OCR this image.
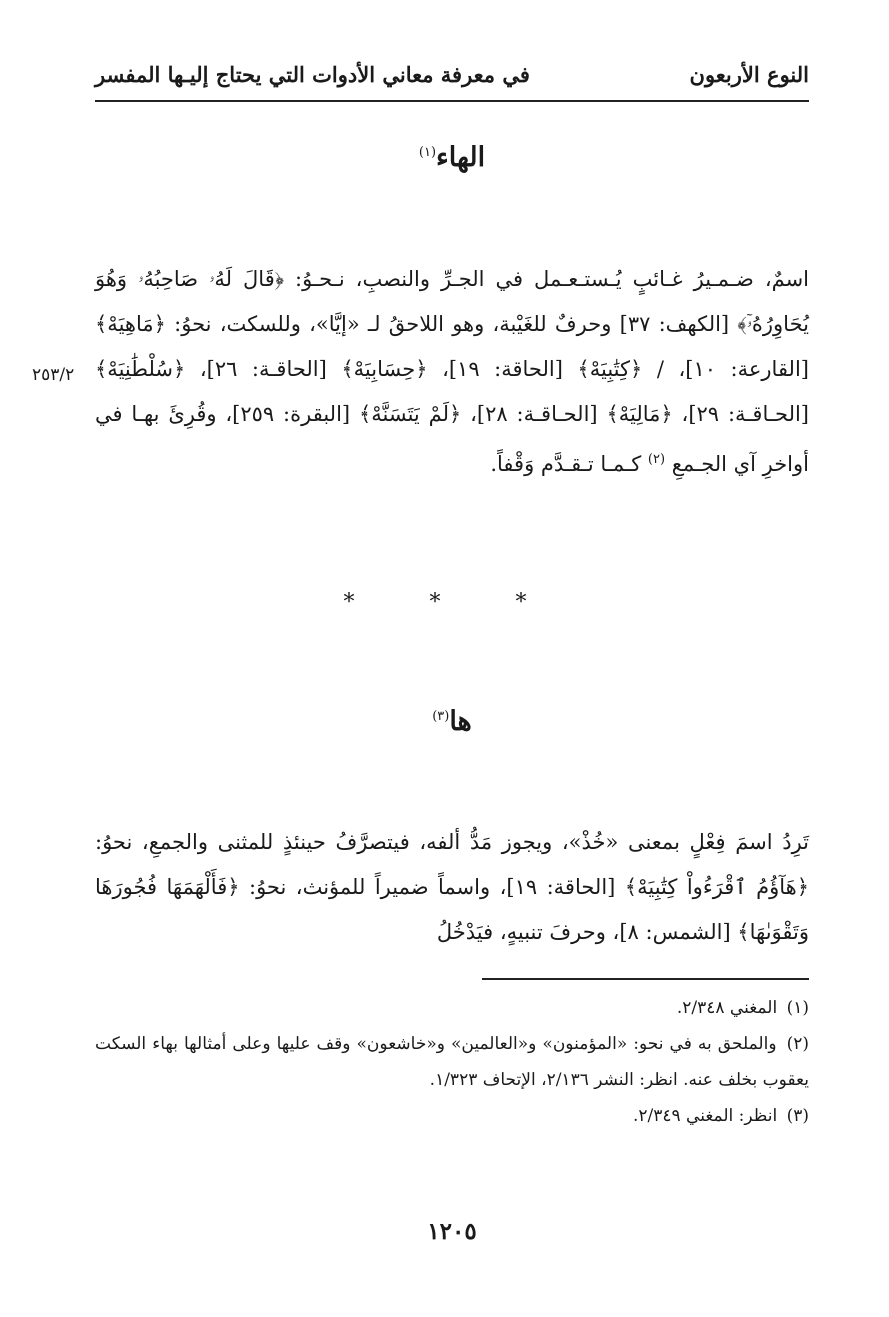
النوع الأربعون
في معرفة معاني الأدوات التي يحتاج إليـها المفسر
الهاء$^{(١)}$
اسمٌ، ضـمـيرُ غـائبٍ يُـستـعـمل في الجـرِّ والنصبِ، نـحـوُ: ﴿قَالَ لَهُۥ صَاحِبُهُۥ وَهُوَ يُحَاوِرُهُۥٓ﴾ [الكهف: ٣٧] وحرفٌ للغَيْبة، وهو اللاحقُ لـ «إيَّا»، وللسكت، نحوُ: ﴿مَاهِيَهْ﴾ [القارعة: ١٠]، / ﴿كِتَٰبِيَهْ﴾ [الحاقة: ١٩]، ﴿حِسَابِيَهْ﴾ [الحاقـة: ٢٦]، ﴿سُلْطَٰنِيَهْ﴾ [الحـاقـة: ٢٩]، ﴿مَالِيَهْ﴾ [الحـاقـة: ٢٨]، ﴿لَمْ يَتَسَنَّهْ﴾ [البقرة: ٢٥٩]، وقُرِئَ بهـا في أواخرِ آي الجـمعِ $^{(٢)}$ كـمـا تـقـدَّم وَقْفاً.
٢٥٣/٢
* * *
ها$^{(٣)}$
تَرِدُ اسمَ فِعْلٍ بمعنى «خُذْ»، ويجوز مَدُّ ألفه، فيتصرَّفُ حينئذٍ للمثنى والجمعِ، نحوُ: ﴿هَآؤُمُ ٱقْرَءُواْ كِتَٰبِيَهْ﴾ [الحاقة: ١٩]، واسماً ضميراً للمؤنث، نحوُ: ﴿فَأَلْهَمَهَا فُجُورَهَا وَتَقْوَىٰهَا﴾ [الشمس: ٨]، وحرفَ تنبيهٍ، فيَدْخُلُ

(١) المغني ٢/٣٤٨.

(٢) والملحق به في نحو: «المؤمنون» و«العالمين» و«خاشعون» وقف عليها وعلى أمثالها بهاء السكت يعقوب بخلف عنه. انظر: النشر ٢/١٣٦، الإتحاف ١/٣٢٣.

(٣) انظر: المغني ٢/٣٤٩.

١٢٠٥
